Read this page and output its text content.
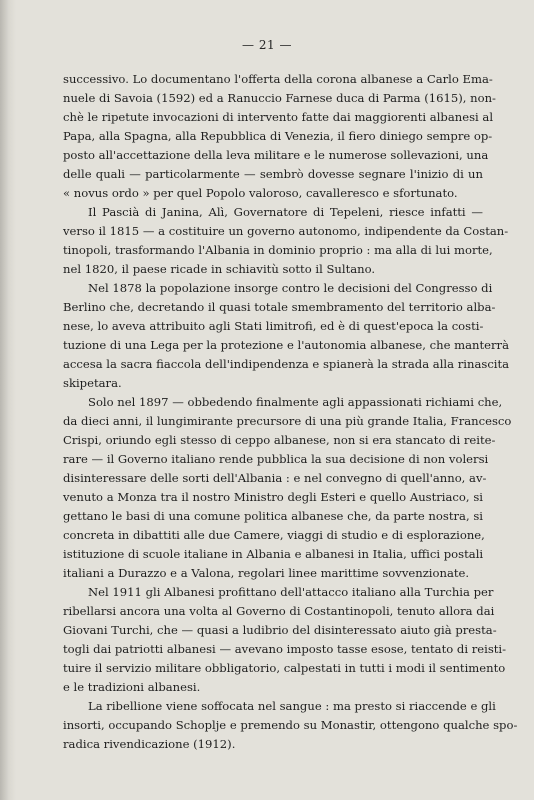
— 21 —

successivo. Lo documentano l'offerta della corona albanese a Carlo Ema-
nuele di Savoia (1592) ed a Ranuccio Farnese duca di Parma (1615), non-
chè le ripetute invocazioni di intervento fatte dai maggiorenti albanesi al
Papa, alla Spagna, alla Repubblica di Venezia, il fiero diniego sempre op-
posto all'accettazione della leva militare e le numerose sollevazioni, una
delle quali — particolarmente — sembrò dovesse segnare l'inizio di un
« novus ordo » per quel Popolo valoroso, cavalleresco e sfortunato.

Il Pascià di Janina, Alì, Governatore di Tepeleni, riesce infatti —
verso il 1815 — a costituire un governo autonomo, indipendente da Costan-
tinopoli, trasformando l'Albania in dominio proprio : ma alla di lui morte,
nel 1820, il paese ricade in schiavitù sotto il Sultano.

Nel 1878 la popolazione insorge contro le decisioni del Congresso di
Berlino che, decretando il quasi totale smembramento del territorio alba-
nese, lo aveva attribuito agli Stati limitrofi, ed è di quest'epoca la costi-
tuzione di una Lega per la protezione e l'autonomia albanese, che manterrà
accesa la sacra fiaccola dell'indipendenza e spianerà la strada alla rinascita
skipetara.

Solo nel 1897 — obbedendo finalmente agli appassionati richiami che,
da dieci anni, il lungimirante precursore di una più grande Italia, Francesco
Crispi, oriundo egli stesso di ceppo albanese, non si era stancato di reite-
rare — il Governo italiano rende pubblica la sua decisione di non volersi
disinteressare delle sorti dell'Albania : e nel convegno di quell'anno, av-
venuto a Monza tra il nostro Ministro degli Esteri e quello Austriaco, si
gettano le basi di una comune politica albanese che, da parte nostra, si
concreta in dibattiti alle due Camere, viaggi di studio e di esplorazione,
istituzione di scuole italiane in Albania e albanesi in Italia, uffici postali
italiani a Durazzo e a Valona, regolari linee marittime sovvenzionate.

Nel 1911 gli Albanesi profittano dell'attacco italiano alla Turchia per
ribellarsi ancora una volta al Governo di Costantinopoli, tenuto allora dai
Giovani Turchi, che — quasi a ludibrio del disinteressato aiuto già presta-
togli dai patriotti albanesi — avevano imposto tasse esose, tentato di reisti-
tuire il servizio militare obbligatorio, calpestati in tutti i modi il sentimento
e le tradizioni albanesi.

La ribellione viene soffocata nel sangue : ma presto si riaccende e gli
insorti, occupando Schoplje e premendo su Monastir, ottengono qualche spo-
radica rivendicazione (1912).
